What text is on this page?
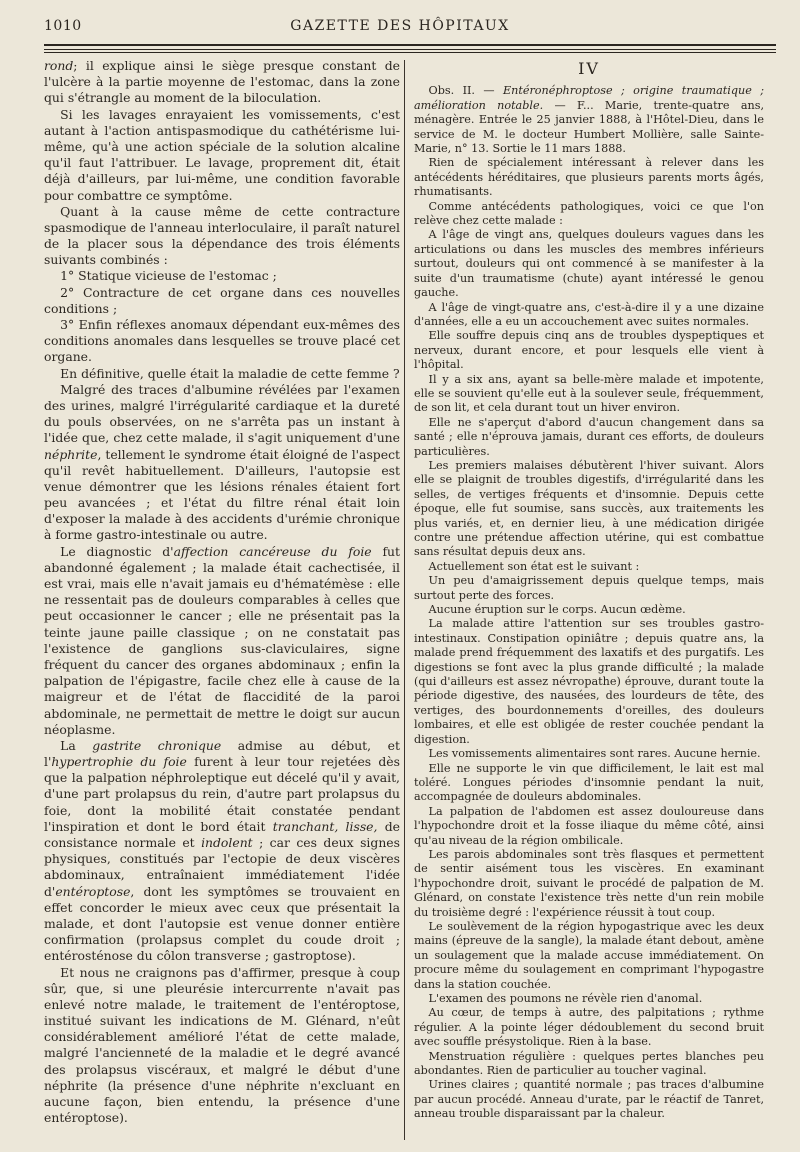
GAZETTE DES HÔPITAUX
1010

rond; il explique ainsi le siège presque constant de l'ulcère à la partie moyenne de l'estomac, dans la zone qui s'étrangle au moment de la biloculation.

Si les lavages enrayaient les vomissements, c'est autant à l'action antispasmodique du cathétérisme lui-même, qu'à une action spéciale de la solution alcaline qu'il faut l'attribuer. Le lavage, proprement dit, était déjà d'ailleurs, par lui-même, une condition favorable pour combattre ce symptôme.

Quant à la cause même de cette contracture spasmodique de l'anneau interloculaire, il paraît naturel de la placer sous la dépendance des trois éléments suivants combinés :

1° Statique vicieuse de l'estomac ;

2° Contracture de cet organe dans ces nouvelles conditions ;

3° Enfin réflexes anomaux dépendant eux-mêmes des conditions anomales dans lesquelles se trouve placé cet organe.

En définitive, quelle était la maladie de cette femme ?

Malgré des traces d'albumine révélées par l'examen des urines, malgré l'irrégularité cardiaque et la dureté du pouls observées, on ne s'arrêta pas un instant à l'idée que, chez cette malade, il s'agit uniquement d'une néphrite, tellement le syndrome était éloigné de l'aspect qu'il revêt habituellement. D'ailleurs, l'autopsie est venue démontrer que les lésions rénales étaient fort peu avancées ; et l'état du filtre rénal était loin d'exposer la malade à des accidents d'urémie chronique à forme gastro-intestinale ou autre.

Le diagnostic d'affection cancéreuse du foie fut abandonné également ; la malade était cachectisée, il est vrai, mais elle n'avait jamais eu d'hématémèse : elle ne ressentait pas de douleurs comparables à celles que peut occasionner le cancer ; elle ne présentait pas la teinte jaune paille classique ; on ne constatait pas l'existence de ganglions sus-claviculaires, signe fréquent du cancer des organes abdominaux ; enfin la palpation de l'épigastre, facile chez elle à cause de la maigreur et de l'état de flaccidité de la paroi abdominale, ne permettait de mettre le doigt sur aucun néoplasme.

La gastrite chronique admise au début, et l'hypertrophie du foie furent à leur tour rejetées dès que la palpation néphroleptique eut décelé qu'il y avait, d'une part prolapsus du rein, d'autre part prolapsus du foie, dont la mobilité était constatée pendant l'inspiration et dont le bord était tranchant, lisse, de consistance normale et indolent ; car ces deux signes physiques, constitués par l'ectopie de deux viscères abdominaux, entraînaient immédiatement l'idée d'entéroptose, dont les symptômes se trouvaient en effet concorder le mieux avec ceux que présentait la malade, et dont l'autopsie est venue donner entière confirmation (prolapsus complet du coude droit ; entérosténose du côlon transverse ; gastroptose).

Et nous ne craignons pas d'affirmer, presque à coup sûr, que, si une pleurésie intercurrente n'avait pas enlevé notre malade, le traitement de l'entéroptose, institué suivant les indications de M. Glénard, n'eût considérablement amélioré l'état de cette malade, malgré l'ancienneté de la maladie et le degré avancé des prolapsus viscéraux, et malgré le début d'une néphrite (la présence d'une néphrite n'excluant en aucune façon, bien entendu, la présence d'une entéroptose).

IV

Obs. II. — Entéronéphroptose ; origine traumatique ; amélioration notable. — F... Marie, trente-quatre ans, ménagère. Entrée le 25 janvier 1888, à l'Hôtel-Dieu, dans le service de M. le docteur Humbert Mollière, salle Sainte-Marie, n° 13. Sortie le 11 mars 1888.

Rien de spécialement intéressant à relever dans les antécédents héréditaires, que plusieurs parents morts âgés, rhumatisants.

Comme antécédents pathologiques, voici ce que l'on relève chez cette malade :

A l'âge de vingt ans, quelques douleurs vagues dans les articulations ou dans les muscles des membres inférieurs surtout, douleurs qui ont commencé à se manifester à la suite d'un traumatisme (chute) ayant intéressé le genou gauche.

A l'âge de vingt-quatre ans, c'est-à-dire il y a une dizaine d'années, elle a eu un accouchement avec suites normales.

Elle souffre depuis cinq ans de troubles dyspeptiques et nerveux, durant encore, et pour lesquels elle vient à l'hôpital.

Il y a six ans, ayant sa belle-mère malade et impotente, elle se souvient qu'elle eut à la soulever seule, fréquemment, de son lit, et cela durant tout un hiver environ.

Elle ne s'aperçut d'abord d'aucun changement dans sa santé ; elle n'éprouva jamais, durant ces efforts, de douleurs particulières.

Les premiers malaises débutèrent l'hiver suivant. Alors elle se plaignit de troubles digestifs, d'irrégularité dans les selles, de vertiges fréquents et d'insomnie. Depuis cette époque, elle fut soumise, sans succès, aux traitements les plus variés, et, en dernier lieu, à une médication dirigée contre une prétendue affection utérine, qui est combattue sans résultat depuis deux ans.

Actuellement son état est le suivant :

Un peu d'amaigrissement depuis quelque temps, mais surtout perte des forces.

Aucune éruption sur le corps. Aucun œdème.

La malade attire l'attention sur ses troubles gastro-intestinaux. Constipation opiniâtre ; depuis quatre ans, la malade prend fréquemment des laxatifs et des purgatifs. Les digestions se font avec la plus grande difficulté ; la malade (qui d'ailleurs est assez névropathe) éprouve, durant toute la période digestive, des nausées, des lourdeurs de tête, des vertiges, des bourdonnements d'oreilles, des douleurs lombaires, et elle est obligée de rester couchée pendant la digestion.

Les vomissements alimentaires sont rares. Aucune hernie.

Elle ne supporte le vin que difficilement, le lait est mal toléré. Longues périodes d'insomnie pendant la nuit, accompagnée de douleurs abdominales.

La palpation de l'abdomen est assez douloureuse dans l'hypochondre droit et la fosse iliaque du même côté, ainsi qu'au niveau de la région ombilicale.

Les parois abdominales sont très flasques et permettent de sentir aisément tous les viscères. En examinant l'hypochondre droit, suivant le procédé de palpation de M. Glénard, on constate l'existence très nette d'un rein mobile du troisième degré : l'expérience réussit à tout coup.

Le soulèvement de la région hypogastrique avec les deux mains (épreuve de la sangle), la malade étant debout, amène un soulagement que la malade accuse immédiatement. On procure même du soulagement en comprimant l'hypogastre dans la station couchée.

L'examen des poumons ne révèle rien d'anomal.

Au cœur, de temps à autre, des palpitations ; rythme régulier. A la pointe léger dédoublement du second bruit avec souffle présystolique. Rien à la base.

Menstruation régulière : quelques pertes blanches peu abondantes. Rien de particulier au toucher vaginal.

Urines claires ; quantité normale ; pas traces d'albumine par aucun procédé. Anneau d'urate, par le réactif de Tanret, anneau trouble disparaissant par la chaleur.
